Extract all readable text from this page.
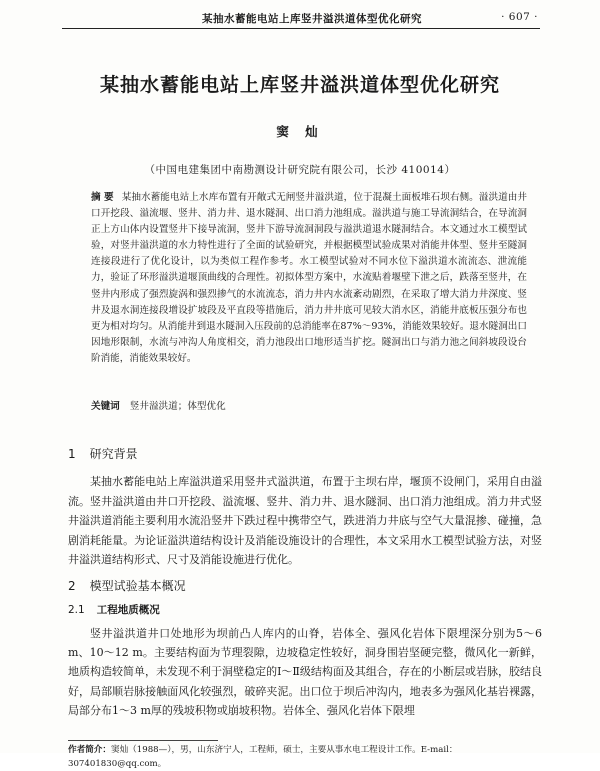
某抽水蓄能电站上库竖井溢洪道体型优化研究	· 607 ·
某抽水蓄能电站上库竖井溢洪道体型优化研究
窦 灿
（中国电建集团中南勘测设计研究院有限公司，长沙 410014）
摘 要 某抽水蓄能电站上水库布置有开敞式无闸竖井溢洪道，位于混凝土面板堆石坝右侧。溢洪道由井口开挖段、溢流堰、竖井、消力井、退水隧洞、出口消力池组成。溢洪道与施工导流洞结合，在导流洞正上方山体内设置竖井下接导流洞，竖井下游导流洞洞段与溢洪道退水隧洞结合。本文通过水工模型试验，对竖井溢洪道的水力特性进行了全面的试验研究，并根据模型试验成果对消能井体型、竖井至隧洞连接段进行了优化设计，以为类似工程作参考。水工模型试验对不同水位下溢洪道水流流态、泄流能力，验证了环形溢洪道堰顶曲线的合理性。初拟体型方案中，水流贴着堰壁下泄之后，跌落至竖井，在竖井内形成了强烈旋涡和强烈掺气的水流流态，消力井内水流紊动剧烈，在采取了增大消力井深度、竖井及退水洞连接段增设扩坡段及平直段等措施后，消力井井底可见较大消水区，消能井底板压强分布也更为相对均匀。从消能井到退水隧洞入压段前的总消能率在87%～93%，消能效果较好。退水隧洞出口因地形限制，水流与冲沟人角度相交，消力池段出口地形适当扩挖。隧洞出口与消力池之间斜坡段设台阶消能，消能效果较好。
关键词 竖井溢洪道；体型优化
1 研究背景
某抽水蓄能电站上库溢洪道采用竖井式溢洪道，布置于主坝右岸，堰顶不设闸门，采用自由溢流。竖井溢洪道由井口开挖段、溢流堰、竖井、消力井、退水隧洞、出口消力池组成。消力井式竖井溢洪道消能主要利用水流沿竖井下跌过程中携带空气，跌进消力井底与空气大量混掺、碰撞，急剧消耗能量。为论证溢洪道结构设计及消能设施设计的合理性，本文采用水工模型试验方法，对竖井溢洪道结构形式、尺寸及消能设施进行优化。
2 模型试验基本概况
2.1 工程地质概况
竖井溢洪道井口处地形为坝前凸人库内的山脊，岩体全、强风化岩体下限埋深分别为5～6 m、10～12 m。主要结构面为节理裂隙，边坡稳定性较好，洞身围岩坚硬完整，微风化一新鲜，地质构造较简单，未发现不利于洞壁稳定的Ⅰ～Ⅱ级结构面及其组合，存在的小断层或岩脉，胶结良好，局部顺岩脉接触面风化较强烈，破碎夹泥。出口位于坝后冲沟内，地表多为强风化基岩裸露，局部分布1～3 m厚的残坡积物或崩坡积物。岩体全、强风化岩体下限埋
作者简介：窦灿（1988—），男，山东济宁人，工程师，硕士，主要从事水电工程设计工作。E-mail：307401830@qq.com。
